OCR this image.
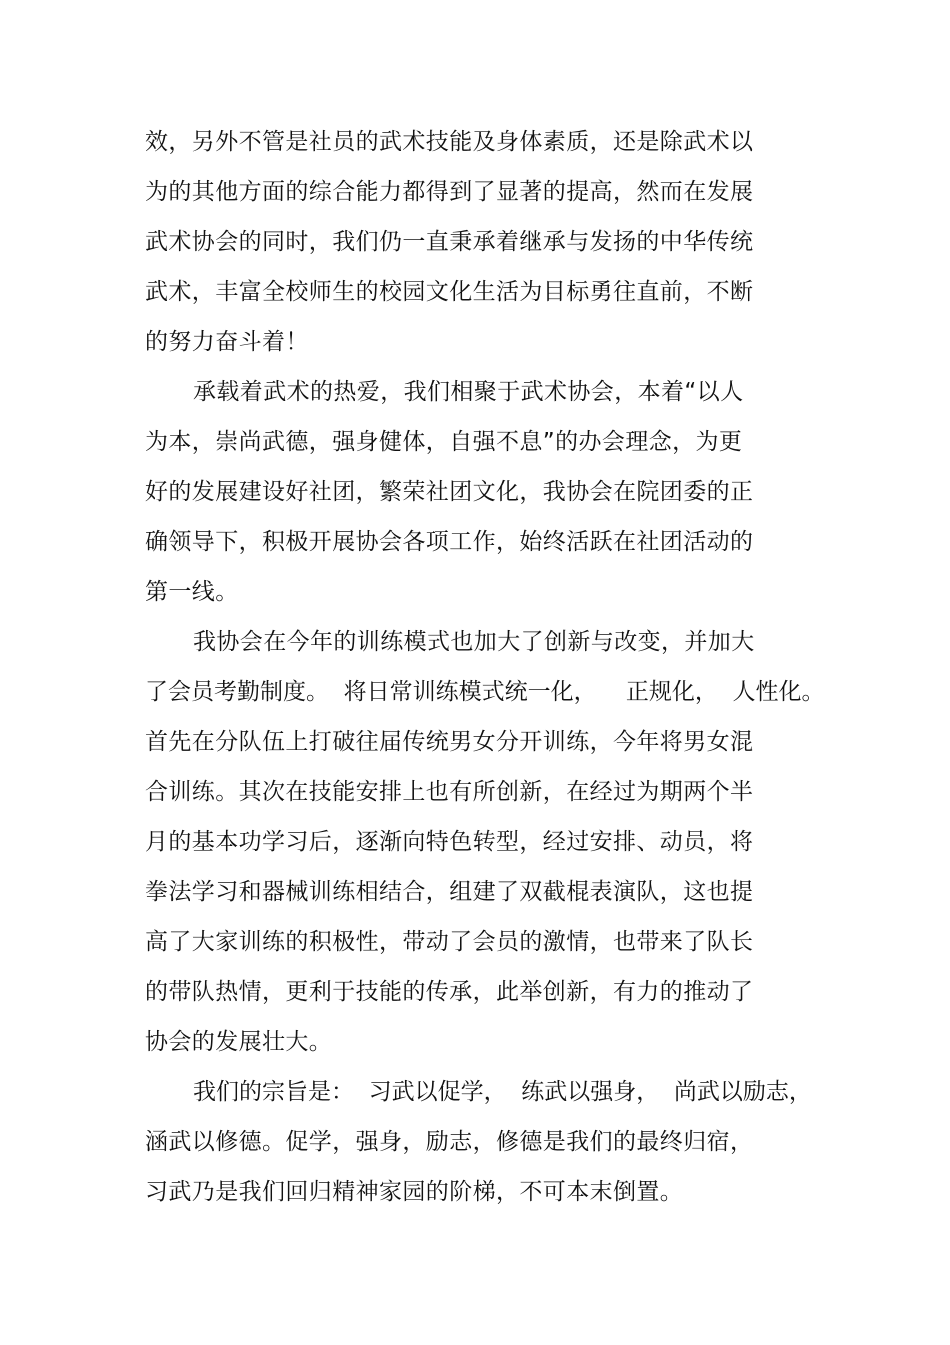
效，另外不管是社员的武术技能及身体素质，还是除武术以

为的其他方面的综合能力都得到了显著的提高，然而在发展

武术协会的同时，我们仍一直秉承着继承与发扬的中华传统

武术，丰富全校师生的校园文化生活为目标勇往直前，不断

的努力奋斗着！

承载着武术的热爱，我们相聚于武术协会，本着“以人

为本，崇尚武德，强身健体，自强不息”的办会理念，为更

好的发展建设好社团，繁荣社团文化，我协会在院团委的正

确领导下，积极开展协会各项工作，始终活跃在社团活动的

第一线。

我协会在今年的训练模式也加大了创新与改变，并加大

了会员考勤制度。  将日常训练模式统一化，    正规化，  人性化。

首先在分队伍上打破往届传统男女分开训练，今年将男女混

合训练。其次在技能安排上也有所创新，在经过为期两个半

月的基本功学习后，逐渐向特色转型，经过安排、动员，将

拳法学习和器械训练相结合，组建了双截棍表演队，这也提

高了大家训练的积极性，带动了会员的激情，也带来了队长

的带队热情，更利于技能的传承，此举创新，有力的推动了

协会的发展壮大。

我们的宗旨是：  习武以促学，  练武以强身，  尚武以励志，

涵武以修德。促学，强身，励志，修德是我们的最终归宿，

习武乃是我们回归精神家园的阶梯，不可本末倒置。
